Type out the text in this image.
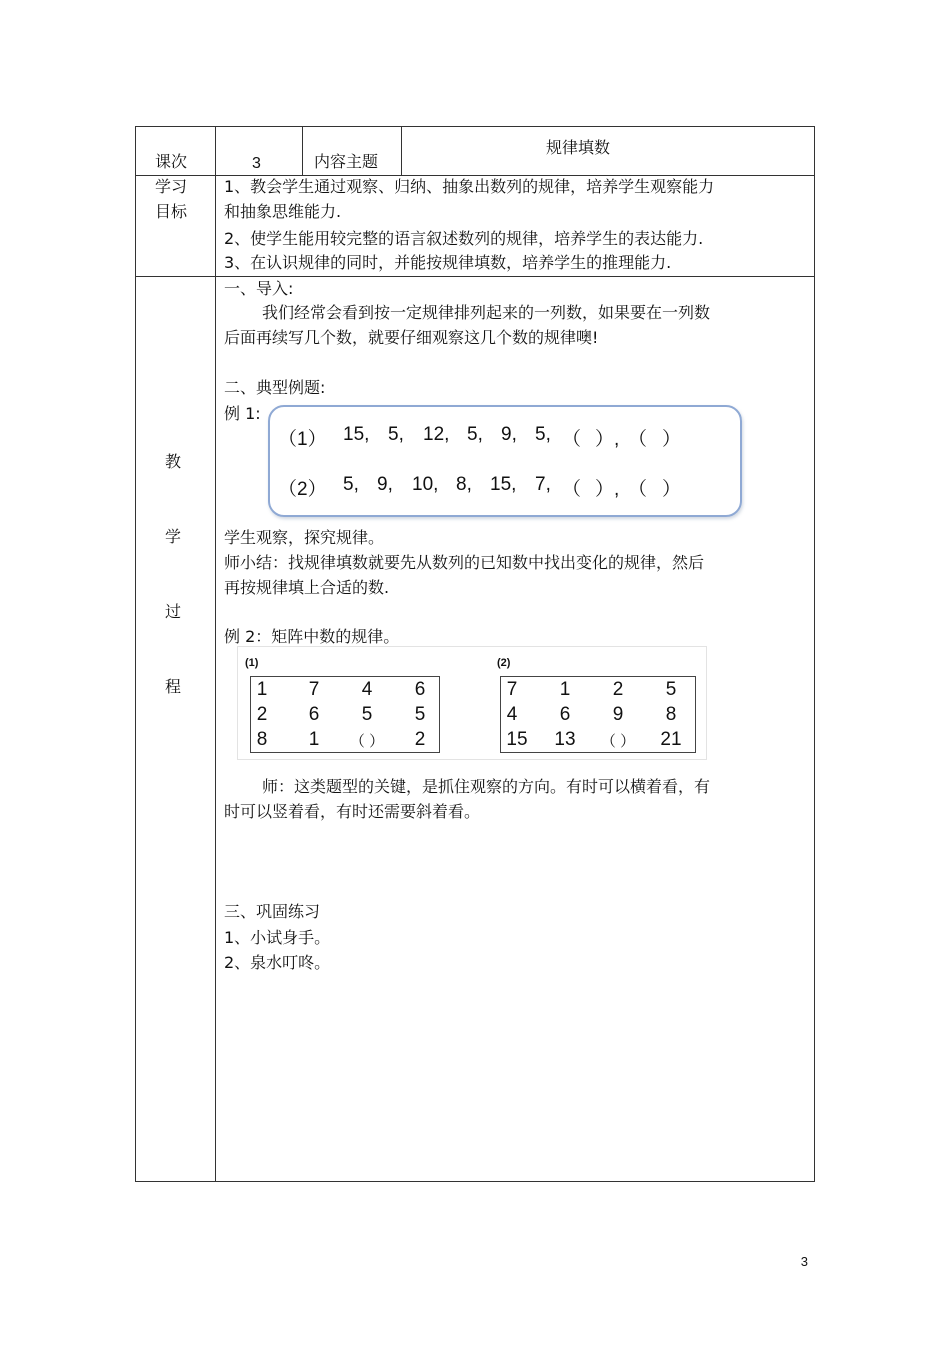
课次	3	内容主题
规律填数
学习
目标
1、教会学生通过观察、归纳、抽象出数列的规律，培养学生观察能力
和抽象思维能力.
2、使学生能用较完整的语言叙述数列的规律，培养学生的表达能力.
3、在认识规律的同时，并能按规律填数，培养学生的推理能力.
教
学
过
程
一、导入:
我们经常会看到按一定规律排列起来的一列数，如果要在一列数
后面再续写几个数，就要仔细观察这几个数的规律噢!
二、典型例题:
例 1:
（1） 15, 5, 12, 5, 9, 5, （ ）, （ ）
（2） 5, 9, 10, 8, 15, 7, （ ）, （ ）
学生观察，探究规律。
师小结：找规律填数就要先从数列的已知数中找出变化的规律，然后
再按规律填上合适的数.
例 2：矩阵中数的规律。
(1)	(2)
1	7	4	6
2	6	5	5
8	1	（ ）	2
7	1	2	5
4	6	9	8
15	13	（ ）	21
师：这类题型的关键，是抓住观察的方向。有时可以横着看，有
时可以竖着看，有时还需要斜着看。
三、巩固练习
1、小试身手。
2、泉水叮咚。
3
